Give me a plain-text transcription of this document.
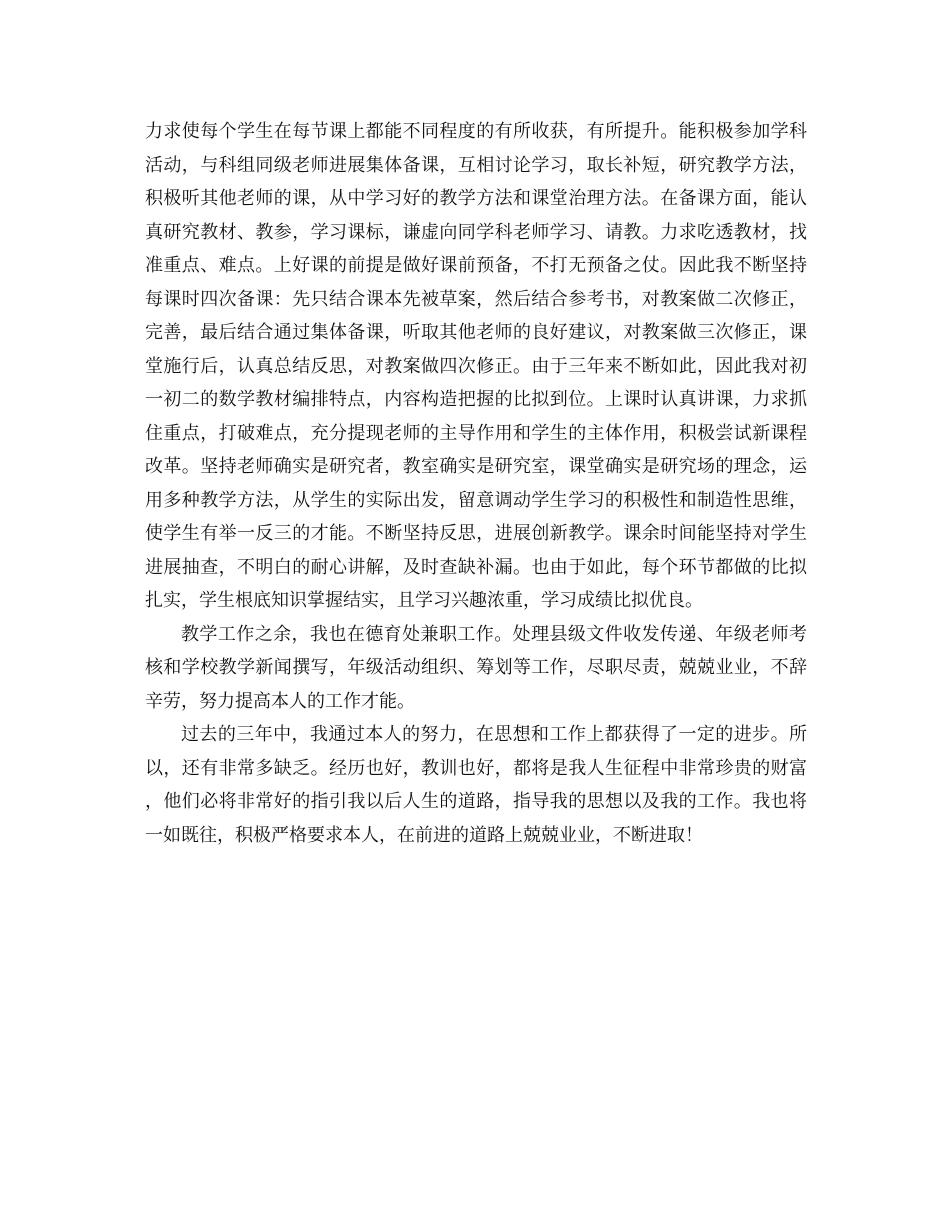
力求使每个学生在每节课上都能不同程度的有所收获，有所提升。能积极参加学科活动，与科组同级老师进展集体备课，互相讨论学习，取长补短，研究教学方法，积极听其他老师的课，从中学习好的教学方法和课堂治理方法。在备课方面，能认真研究教材、教参，学习课标，谦虚向同学科老师学习、请教。力求吃透教材，找准重点、难点。上好课的前提是做好课前预备，不打无预备之仗。因此我不断坚持每课时四次备课：先只结合课本先被草案，然后结合参考书，对教案做二次修正，完善，最后结合通过集体备课，听取其他老师的良好建议，对教案做三次修正，课堂施行后，认真总结反思，对教案做四次修正。由于三年来不断如此，因此我对初一初二的数学教材编排特点，内容构造把握的比拟到位。上课时认真讲课，力求抓住重点，打破难点，充分提现老师的主导作用和学生的主体作用，积极尝试新课程改革。坚持老师确实是研究者，教室确实是研究室，课堂确实是研究场的理念，运用多种教学方法，从学生的实际出发，留意调动学生学习的积极性和制造性思维，使学生有举一反三的才能。不断坚持反思，进展创新教学。课余时间能坚持对学生进展抽查，不明白的耐心讲解，及时查缺补漏。也由于如此，每个环节都做的比拟扎实，学生根底知识掌握结实，且学习兴趣浓重，学习成绩比拟优良。

教学工作之余，我也在德育处兼职工作。处理县级文件收发传递、年级老师考核和学校教学新闻撰写，年级活动组织、筹划等工作，尽职尽责，兢兢业业，不辞辛劳，努力提高本人的工作才能。

过去的三年中，我通过本人的努力，在思想和工作上都获得了一定的进步。所以，还有非常多缺乏。经历也好，教训也好，都将是我人生征程中非常珍贵的财富，他们必将非常好的指引我以后人生的道路，指导我的思想以及我的工作。我也将一如既往，积极严格要求本人，在前进的道路上兢兢业业，不断进取！
